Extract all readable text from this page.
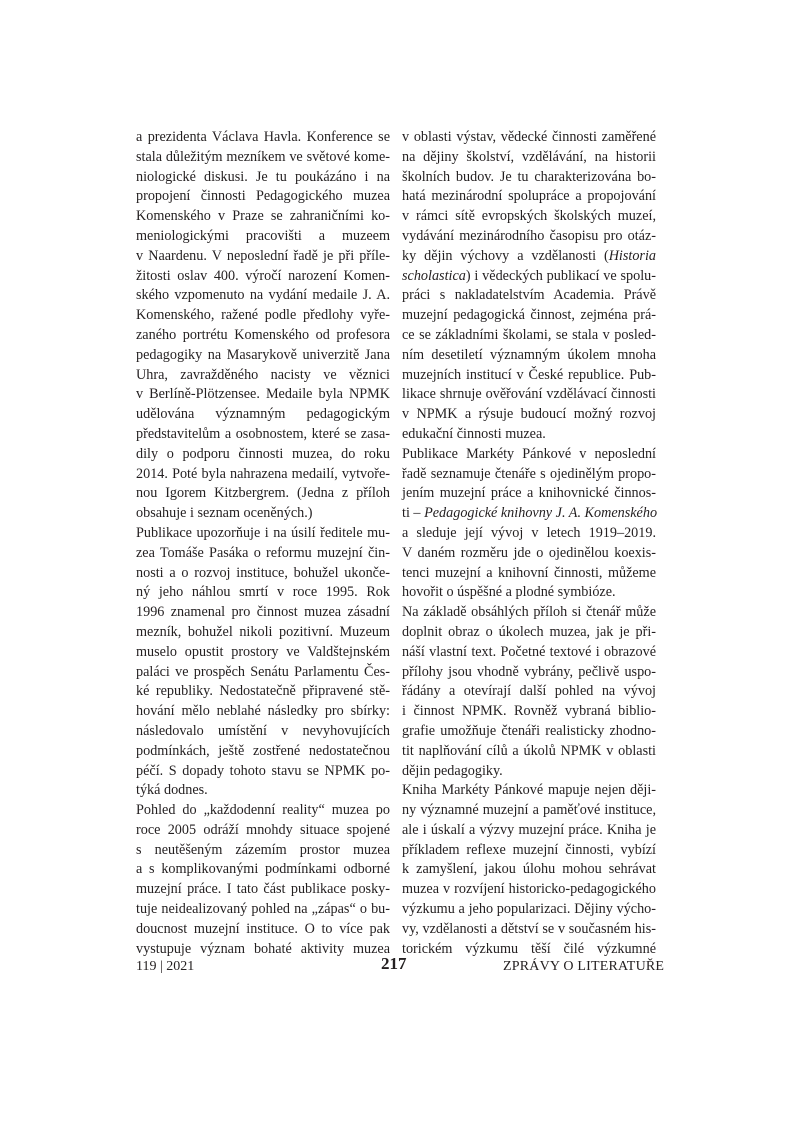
a prezidenta Václava Havla. Konference se
stala důležitým mezníkem ve světové kome-
niologické diskusi. Je tu poukázáno i na
propojení činnosti Pedagogického muzea
Komenského v Praze se zahraničními ko-
meniologickými pracovišti a muzeem
v Naardenu. V neposlední řadě je při příle-
žitosti oslav 400. výročí narození Komen-
ského vzpomenuto na vydání medaile J. A.
Komenského, ražené podle předlohy vyře-
zaného portrétu Komenského od profesora
pedagogiky na Masarykově univerzitě Jana
Uhra, zavražděného nacisty ve věznici
v Berlíně-Plötzensee. Medaile byla NPMK
udělována významným pedagogickým
představitelům a osobnostem, které se zasa-
dily o podporu činnosti muzea, do roku
2014. Poté byla nahrazena medailí, vytvoře-
nou Igorem Kitzbergrem. (Jedna z příloh
obsahuje i seznam oceněných.)

Publikace upozorňuje i na úsilí ředitele mu-
zea Tomáše Pasáka o reformu muzejní čin-
nosti a o rozvoj instituce, bohužel ukonče-
ný jeho náhlou smrtí v roce 1995. Rok
1996 znamenal pro činnost muzea zásadní
mezník, bohužel nikoli pozitivní. Muzeum
muselo opustit prostory ve Valdštejnském
paláci ve prospěch Senátu Parlamentu Čes-
ké republiky. Nedostatečně připravené stě-
hování mělo neblahé následky pro sbírky:
následovalo umístění v nevyhovujících
podmínkách, ještě zostřené nedostatečnou
péčí. S dopady tohoto stavu se NPMK po-
týká dodnes.

Pohled do „každodenní reality“ muzea po
roce 2005 odráží mnohdy situace spojené
s neutěšeným zázemím prostor muzea
a s komplikovanými podmínkami odborné
muzejní práce. I tato část publikace posky-
tuje neidealizovaný pohled na „zápas“ o bu-
doucnost muzejní instituce. O to více pak
vystupuje význam bohaté aktivity muzea

v oblasti výstav, vědecké činnosti zaměřené
na dějiny školství, vzdělávání, na historii
školních budov. Je tu charakterizována bo-
hatá mezinárodní spolupráce a propojování
v rámci sítě evropských školských muzeí,
vydávání mezinárodního časopisu pro otáz-
ky dějin výchovy a vzdělanosti (Historia
scholastica) i vědeckých publikací ve spolu-
práci s nakladatelstvím Academia. Právě
muzejní pedagogická činnost, zejména prá-
ce se základními školami, se stala v posled-
ním desetiletí významným úkolem mnoha
muzejních institucí v České republice. Pub-
likace shrnuje ověřování vzdělávací činnosti
v NPMK a rýsuje budoucí možný rozvoj
edukační činnosti muzea.

Publikace Markéty Pánkové v neposlední
řadě seznamuje čtenáře s ojedinělým propo-
jením muzejní práce a knihovnické činnos-
ti – Pedagogické knihovny J. A. Komenského
a sleduje její vývoj v letech 1919–2019.
V daném rozměru jde o ojedinělou koexis-
tenci muzejní a knihovní činnosti, můžeme
hovořit o úspěšné a plodné symbióze.

Na základě obsáhlých příloh si čtenář může
doplnit obraz o úkolech muzea, jak je při-
náší vlastní text. Početné textové i obrazové
přílohy jsou vhodně vybrány, pečlivě uspo-
řádány a otevírají další pohled na vývoj
i činnost NPMK. Rovněž vybraná biblio-
grafie umožňuje čtenáři realisticky zhodno-
tit naplňování cílů a úkolů NPMK v oblasti
dějin pedagogiky.

Kniha Markéty Pánkové mapuje nejen ději-
ny významné muzejní a paměťové instituce,
ale i úskalí a výzvy muzejní práce. Kniha je
příkladem reflexe muzejní činnosti, vybízí
k zamyšlení, jakou úlohu mohou sehrávat
muzea v rozvíjení historicko-pedagogického
výzkumu a jeho popularizaci. Dějiny výcho-
vy, vzdělanosti a dětství se v současném his-
torickém výzkumu těší čilé výzkumné

119 | 2021	217	ZPRÁVY O LITERATUŘE
